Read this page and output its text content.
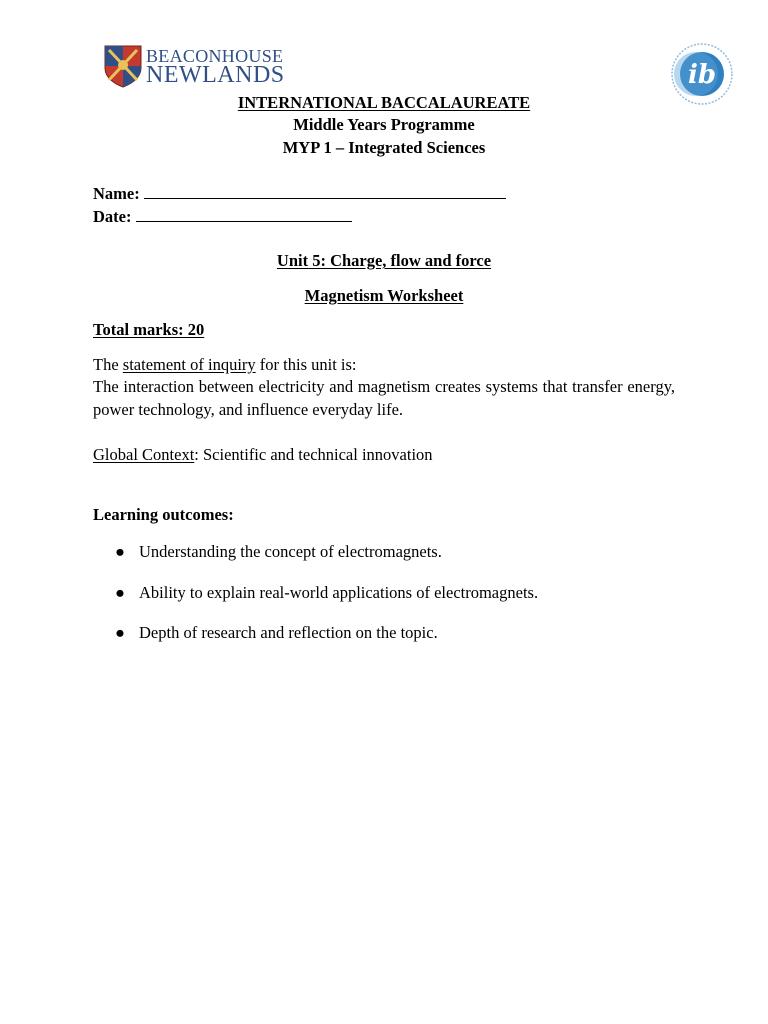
BEACONHOUSE
NEWLANDS	ib
INTERNATIONAL BACCALAUREATE
Middle Years Programme
MYP 1 – Integrated Sciences
Name:
Date:
Unit 5: Charge, flow and force
Magnetism Worksheet
Total marks: 20
The statement of inquiry for this unit is:
The interaction between electricity and magnetism creates systems that transfer energy, power technology, and influence everyday life.
Global Context: Scientific and technical innovation
Learning outcomes:
● Understanding the concept of electromagnets.
● Ability to explain real-world applications of electromagnets.
● Depth of research and reflection on the topic.
